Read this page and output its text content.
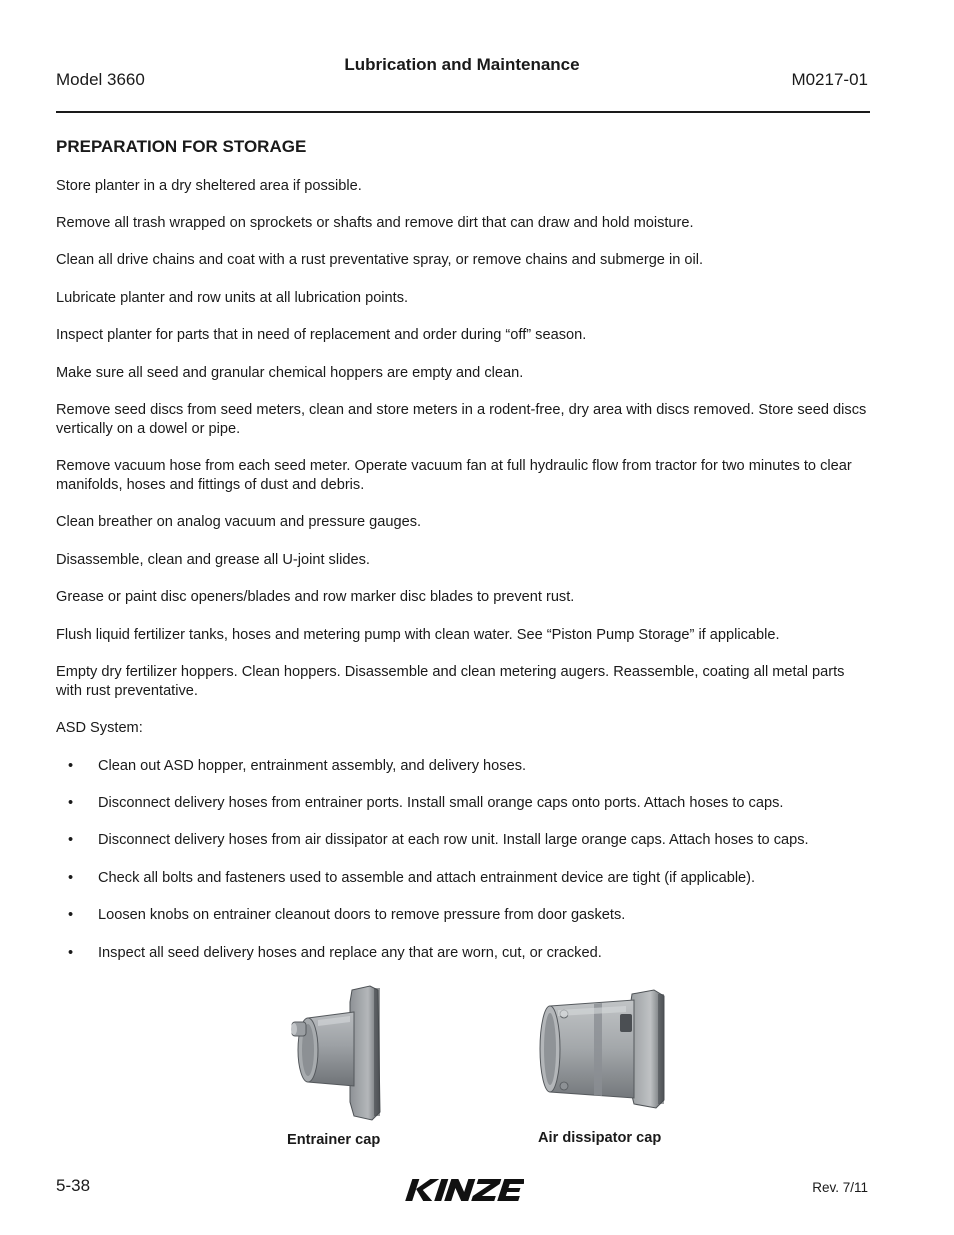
Model 3660
Lubrication and Maintenance
M0217-01
PREPARATION FOR STORAGE
Store planter in a dry sheltered area if possible.
Remove all trash wrapped on sprockets or shafts and remove dirt that can draw and hold moisture.
Clean all drive chains and coat with a rust preventative spray, or remove chains and submerge in oil.
Lubricate planter and row units at all lubrication points.
Inspect planter for parts that in need of replacement and order during “off” season.
Make sure all seed and granular chemical hoppers are empty and clean.
Remove seed discs from seed meters, clean and store meters in a rodent-free, dry area with discs removed. Store seed discs vertically on a dowel or pipe.
Remove vacuum hose from each seed meter. Operate vacuum fan at full hydraulic flow from tractor for two minutes to clear manifolds, hoses and fittings of dust and debris.
Clean breather on analog vacuum and pressure gauges.
Disassemble, clean and grease all U-joint slides.
Grease or paint disc openers/blades and row marker disc blades to prevent rust.
Flush liquid fertilizer tanks, hoses and metering pump with clean water. See “Piston Pump Storage” if applicable.
Empty dry fertilizer hoppers. Clean hoppers. Disassemble and clean metering augers. Reassemble, coating all metal parts with rust preventative.
ASD System:
• Clean out ASD hopper, entrainment assembly, and delivery hoses.
• Disconnect delivery hoses from entrainer ports. Install small orange caps onto ports. Attach hoses to caps.
• Disconnect delivery hoses from air dissipator at each row unit. Install large orange caps. Attach hoses to caps.
• Check all bolts and fasteners used to assemble and attach entrainment device are tight (if applicable).
• Loosen knobs on entrainer cleanout doors to remove pressure from door gaskets.
• Inspect all seed delivery hoses and replace any that are worn, cut, or cracked.
Entrainer cap	Air dissipator cap
5-38	Rev. 7/11
